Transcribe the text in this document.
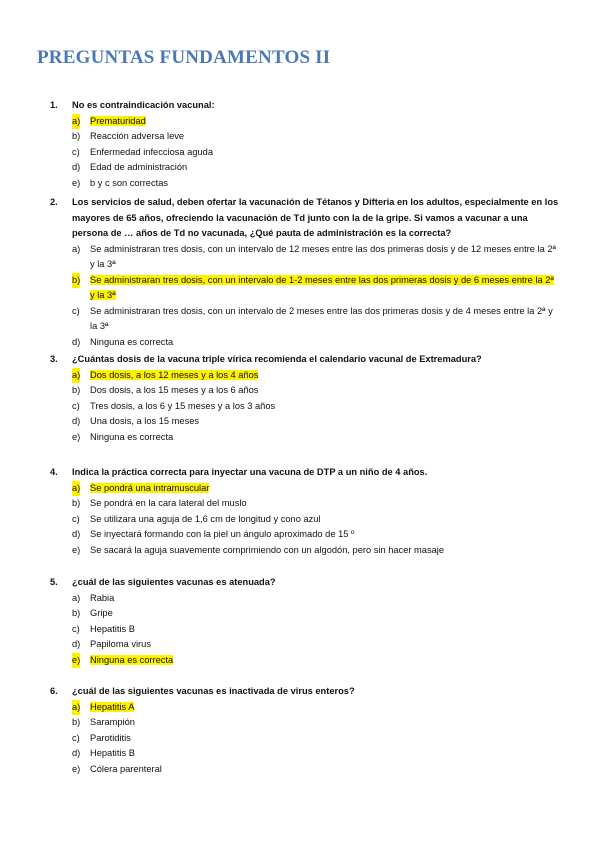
PREGUNTAS FUNDAMENTOS II
1. No es contraindicación vacunal:
a) Prematuridad
b) Reacción adversa leve
c) Enfermedad infecciosa aguda
d) Edad de administración
e) b y c son correctas
2. Los servicios de salud, deben ofertar la vacunación de Tétanos y Difteria en los adultos, especialmente en los mayores de 65 años, ofreciendo la vacunación de Td junto con la de la gripe. Si vamos a vacunar a una persona de … años de Td no vacunada, ¿Qué pauta de administración es la correcta?
a) Se administraran tres dosis, con un intervalo de 12 meses entre las dos primeras dosis y de 12 meses entre la 2ª y la 3ª
b) Se administraran tres dosis, con un intervalo de 1-2 meses entre las dos primeras dosis y de 6 meses entre la 2ª y la 3ª
c) Se administraran tres dosis, con un intervalo de 2 meses entre las dos primeras dosis y de 4 meses entre la 2ª y la 3ª
d) Ninguna es correcta
3. ¿Cuántas dosis de la vacuna triple vírica recomienda el calendario vacunal de Extremadura?
a) Dos dosis, a los 12 meses y a los 4 años
b) Dos dosis, a los 15 meses y a los 6 años
c) Tres dosis, a los 6 y 15 meses y a los 3 años
d) Una dosis, a los 15 meses
e) Ninguna es correcta
4. Indica la práctica correcta para inyectar una vacuna de DTP a un niño de 4 años.
a) Se pondrá una intramuscular
b) Se pondrá en la cara lateral del muslo
c) Se utilizara una aguja de 1,6 cm de longitud y cono azul
d) Se inyectará formando con la piel un ángulo aproximado de 15 º
e) Se sacará la aguja suavemente comprimiendo con un algodón, pero sin hacer masaje
5. ¿cuál de las siguientes vacunas es atenuada?
a) Rabia
b) Gripe
c) Hepatitis B
d) Papiloma virus
e) Ninguna es correcta
6. ¿cuál de las siguientes vacunas es inactivada de virus enteros?
a) Hepatitis A
b) Sarampión
c) Parotiditis
d) Hepatitis B
e) Cólera parenteral
